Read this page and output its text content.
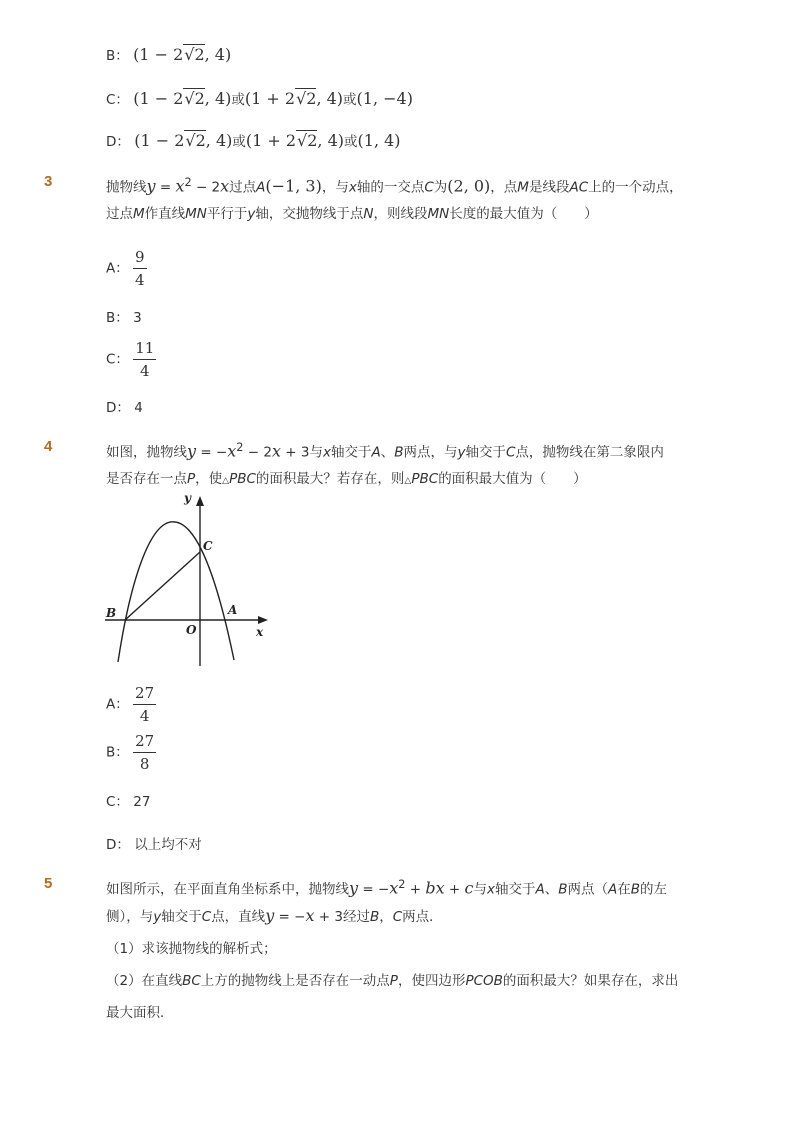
B： (1 − 2√2, 4)
C： (1 − 2√2, 4)或(1 + 2√2, 4)或(1, −4)
D： (1 − 2√2, 4)或(1 + 2√2, 4)或(1, 4)
3	抛物线$y = x^2 - 2x$过点A(−1, 3)，与x轴的一交点C为(2, 0)，点M是线段AC上的一个动点，
过点M作直线MN平行于y轴，交抛物线于点N，则线段MN长度的最大值为（　　）
A： $\frac{9}{4}$
B： 3
C： $\frac{11}{4}$
D： 4
4	如图，抛物线$y = -x^2 - 2x + 3$与x轴交于A、B两点，与y轴交于C点，抛物线在第二象限内
是否存在一点P，使△PBC的面积最大？若存在，则△PBC的面积最大值为（　　）
B
C
A
O	x
y
A： $\frac{27}{4}$
B： $\frac{27}{8}$
C： 27
D： 以上均不对
5	如图所示，在平面直角坐标系中，抛物线$y = -x^2$ + bx + c与x轴交于A、B两点（A在B的左
侧），与y轴交于C点，直线y = −x + 3经过B，C两点．
（1）求该抛物线的解析式；
（2）在直线BC上方的抛物线上是否存在一动点P，使四边形PCOB的面积最大？如果存在，求出
最大面积．
